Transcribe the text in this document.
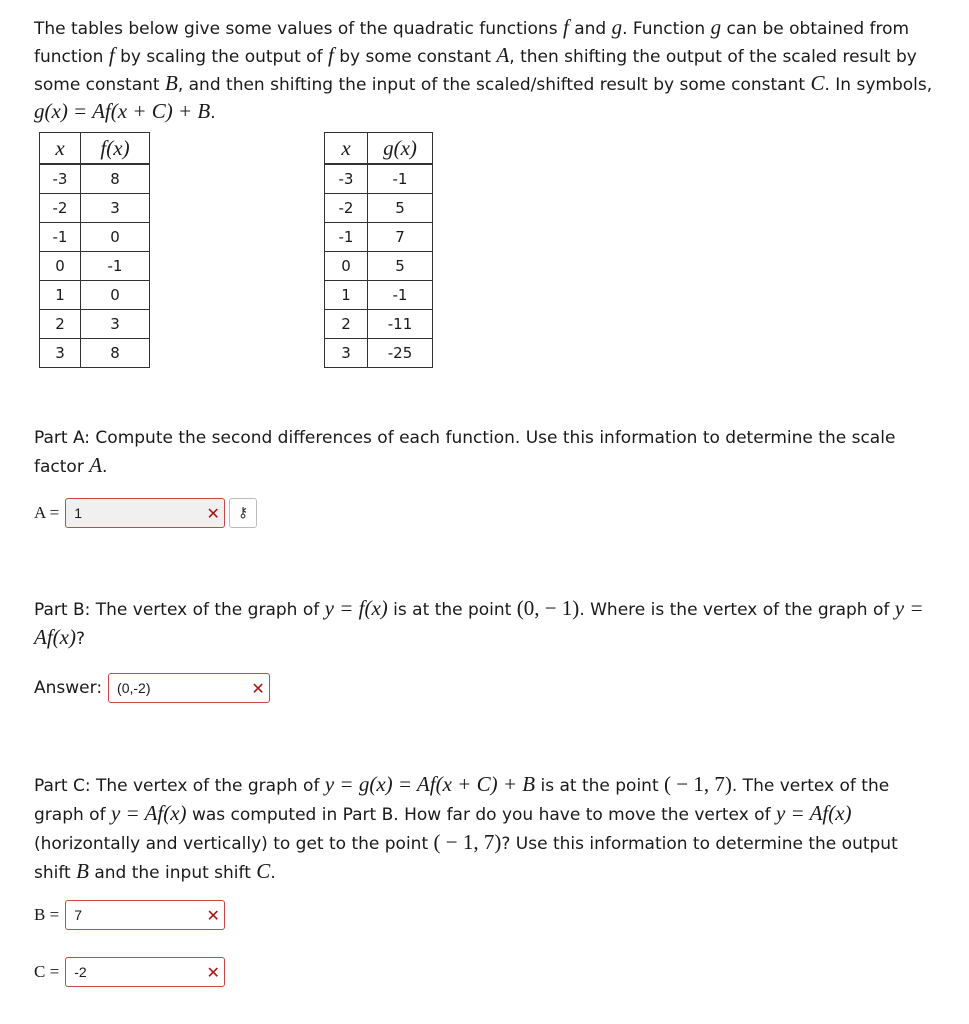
The tables below give some values of the quadratic functions f and g. Function g can be obtained from function f by scaling the output of f by some constant A, then shifting the output of the scaled result by some constant B, and then shifting the input of the scaled/shifted result by some constant C. In symbols, g(x) = Af(x + C) + B.

x	f(x)
-3	8
-2	3
-1	0
0	-1
1	0
2	3
3	8
x	g(x)
-3	-1
-2	5
-1	7
0	5
1	-1
2	-11
3	-25
Part A: Compute the second differences of each function. Use this information to determine the scale factor A.
A =	1	✕	⚷
Part B: The vertex of the graph of y = f(x) is at the point (0, − 1). Where is the vertex of the graph of y = Af(x)?
Answer:	(0,-2)	✕
Part C: The vertex of the graph of y = g(x) = Af(x + C) + B is at the point ( − 1, 7). The vertex of the graph of y = Af(x) was computed in Part B. How far do you have to move the vertex of y = Af(x) (horizontally and vertically) to get to the point ( − 1, 7)? Use this information to determine the output shift B and the input shift C.
B =	7	✕
C =	-2	✕
